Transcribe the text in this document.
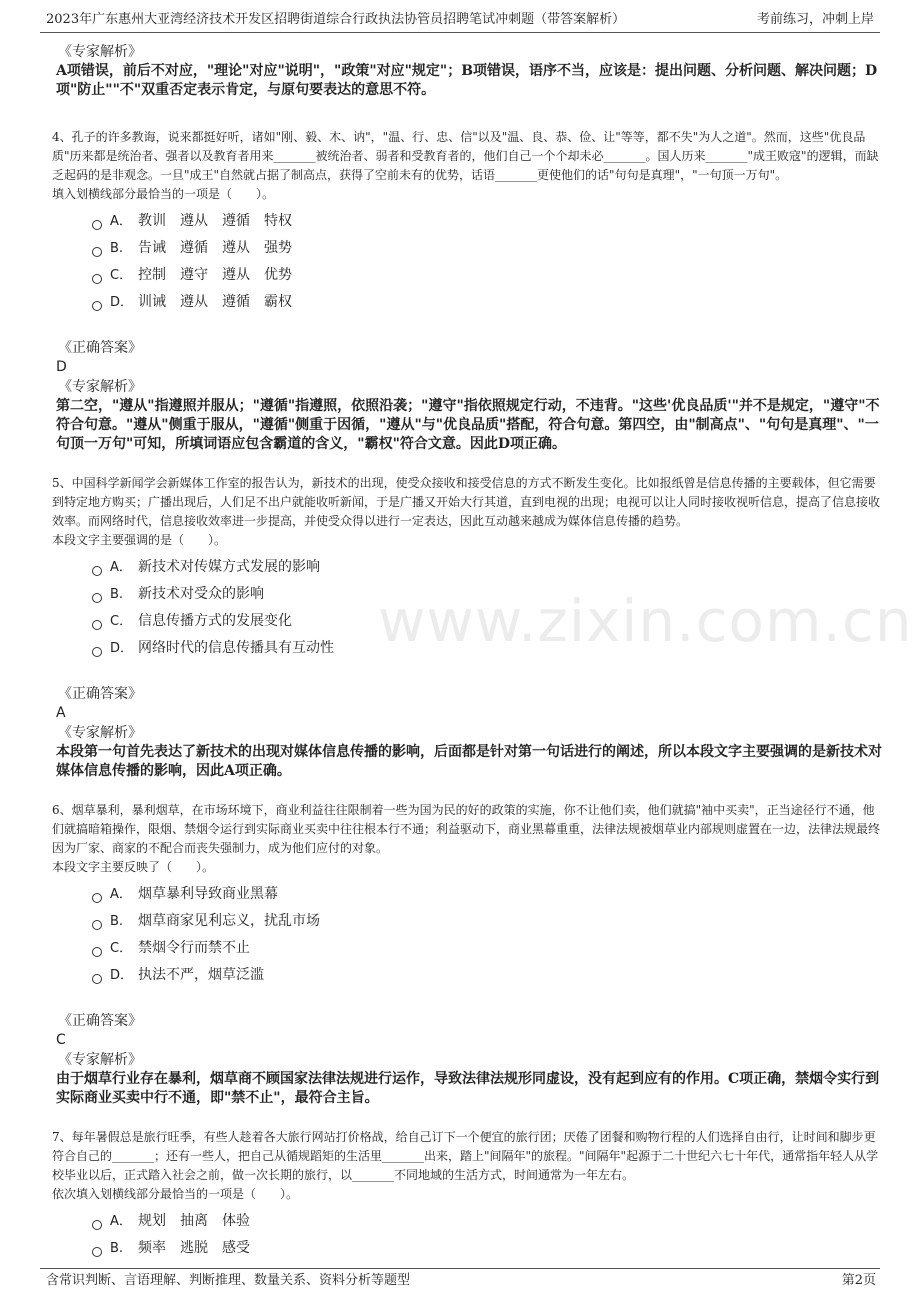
2023年广东惠州大亚湾经济技术开发区招聘街道综合行政执法协管员招聘笔试冲刺题（带答案解析）	考前练习，冲刺上岸
www.zixin.com.cn
《专家解析》
A项错误，前后不对应，"理论"对应"说明"，"政策"对应"规定"；B项错误，语序不当，应该是：提出问题、分析问题、解决问题；D项"防止""不"双重否定表示肯定，与原句要表达的意思不符。
4、孔子的许多教诲，说来都挺好听，诸如"刚、毅、木、讷"，"温、行、忠、信"以及"温、良、恭、俭、让"等等，都不失"为人之道"。然而，这些"优良品质"历来都是统治者、强者以及教育者用来_______被统治者、弱者和受教育者的，他们自己一个个却未必_______。国人历来_______"成王败寇"的逻辑，而缺乏起码的是非观念。一旦"成王"自然就占据了制高点，获得了空前未有的优势，话语_______更使他们的话"句句是真理"，"一句顶一万句"。
填入划横线部分最恰当的一项是（　　）。
A． 教训　遵从　遵循　特权
B.	告诫　遵循　遵从　强势
C． 控制　遵守　遵从　优势
D． 训诫　遵从　遵循　霸权
《正确答案》
D
《专家解析》
第二空，"遵从"指遵照并服从；"遵循"指遵照，依照沿袭；"遵守"指依照规定行动，不违背。"这些'优良品质'"并不是规定，"遵守"不符合句意。"遵从"侧重于服从，"遵循"侧重于因循，"遵从"与"优良品质"搭配，符合句意。第四空，由"制高点"、"句句是真理"、"一句顶一万句"可知，所填词语应包含霸道的含义，"霸权"符合文意。因此D项正确。
5、中国科学新闻学会新媒体工作室的报告认为，新技术的出现，使受众接收和接受信息的方式不断发生变化。比如报纸曾是信息传播的主要载体，但它需要到特定地方购买；广播出现后，人们足不出户就能收听新闻，于是广播又开始大行其道，直到电视的出现；电视可以让人同时接收视听信息，提高了信息接收效率。而网络时代，信息接收效率进一步提高，并使受众得以进行一定表达，因此互动越来越成为媒体信息传播的趋势。
本段文字主要强调的是（　　）。
A． 新技术对传媒方式发展的影响
B.	新技术对受众的影响
C． 信息传播方式的发展变化
D． 网络时代的信息传播具有互动性
《正确答案》
A
《专家解析》
本段第一句首先表达了新技术的出现对媒体信息传播的影响，后面都是针对第一句话进行的阐述，所以本段文字主要强调的是新技术对媒体信息传播的影响，因此A项正确。
6、烟草暴利，暴利烟草，在市场环境下，商业利益往往限制着一些为国为民的好的政策的实施，你不让他们卖，他们就搞"袖中买卖"，正当途径行不通，他们就搞暗箱操作，限烟、禁烟令运行到实际商业买卖中往往根本行不通；利益驱动下，商业黑幕重重，法律法规被烟草业内部规则虚置在一边，法律法规最终因为厂家、商家的不配合而丧失强制力，成为他们应付的对象。
本段文字主要反映了（　　）。
A． 烟草暴利导致商业黑幕
B.	烟草商家见利忘义，扰乱市场
C． 禁烟令行而禁不止
D． 执法不严，烟草泛滥
《正确答案》
C
《专家解析》
由于烟草行业存在暴利，烟草商不顾国家法律法规进行运作，导致法律法规形同虚设，没有起到应有的作用。C项正确，禁烟令实行到实际商业买卖中行不通，即"禁不止"，最符合主旨。
7、每年暑假总是旅行旺季，有些人趁着各大旅行网站打价格战，给自己订下一个便宜的旅行团；厌倦了团餐和购物行程的人们选择自由行，让时间和脚步更符合自己的_______；还有一些人，把自己从循规蹈矩的生活里_______出来，踏上"间隔年"的旅程。"间隔年"起源于二十世纪六七十年代，通常指年轻人从学校毕业以后，正式踏入社会之前，做一次长期的旅行，以_______不同地域的生活方式，时间通常为一年左右。
依次填入划横线部分最恰当的一项是（　　）。
A． 规划　抽离　体验
B.	频率　逃脱　感受
含常识判断、言语理解、判断推理、数量关系、资料分析等题型	第2页
